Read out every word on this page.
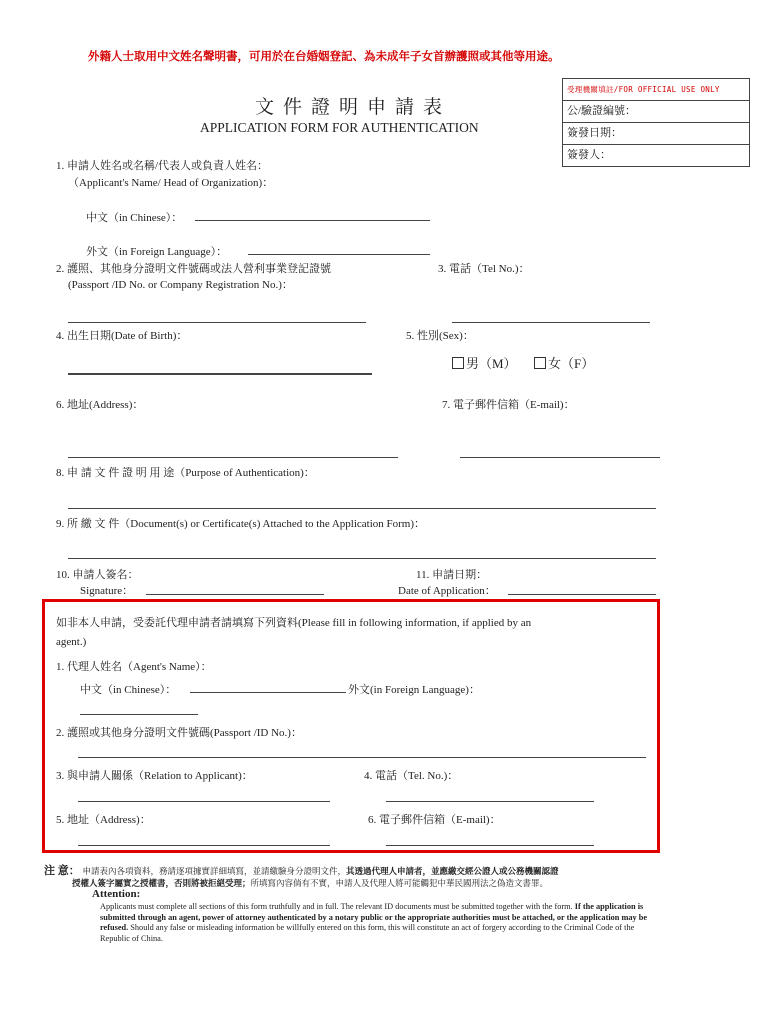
外籍人士取用中文姓名聲明書，可用於在台婚姻登記、為未成年子女首辦護照或其他等用途。
文件證明申請表
APPLICATION FORM FOR AUTHENTICATION
受理機關填註/FOR OFFICIAL USE ONLY
公/驗證編號：
簽發日期：
簽發人：
1. 申請人姓名或名稱/代表人或負責人姓名：
（Applicant's Name/ Head of Organization)：
中文（in Chinese）：
外文（in Foreign Language）：
2. 護照、其他身分證明文件號碼或法人營利事業登記證號
(Passport /ID No. or Company Registration No.)：
3. 電話（Tel No.)：
4. 出生日期(Date of Birth)：	5. 性別(Sex)：
男（M）	女（F）
6. 地址(Address)：	7. 電子郵件信箱（E-mail)：
8. 申 請 文 件 證 明 用 途（Purpose of Authentication)：
9. 所 繳 文 件（Document(s) or Certificate(s) Attached to the Application Form)：
10. 申請人簽名：
Signature：
11. 申請日期：
Date of Application：
如非本人申請，受委託代理申請者請填寫下列資料(Please fill in following information, if applied by an
agent.)
1. 代理人姓名（Agent's Name）：
中文（in Chinese）：	外文(in Foreign Language)：
2. 護照或其他身分證明文件號碼(Passport /ID No.)：
3. 與申請人關係（Relation to Applicant)：	4. 電話（Tel. No.)：
5. 地址（Address)：	6. 電子郵件信箱（E-mail)：
注 意： 申請表內各項資料，務請逐項據實詳細填寫，並請繳驗身分證明文件，其透過代理人申請者，並應繳交經公證人或公務機關認證
授權人簽字屬實之授權書，否則將被拒絕受理；所填寫內容倘有不實，申請人及代理人將可能觸犯中華民國刑法之偽造文書罪。
Attention:
Applicants must complete all sections of this form truthfully and in full. The relevant ID documents must be submitted together with the form. If the application is submitted through an agent, power of attorney authenticated by a notary public or the appropriate authorities must be attached, or the application may be refused. Should any false or misleading information be willfully entered on this form, this will constitute an act of forgery according to the Criminal Code of the Republic of China.
